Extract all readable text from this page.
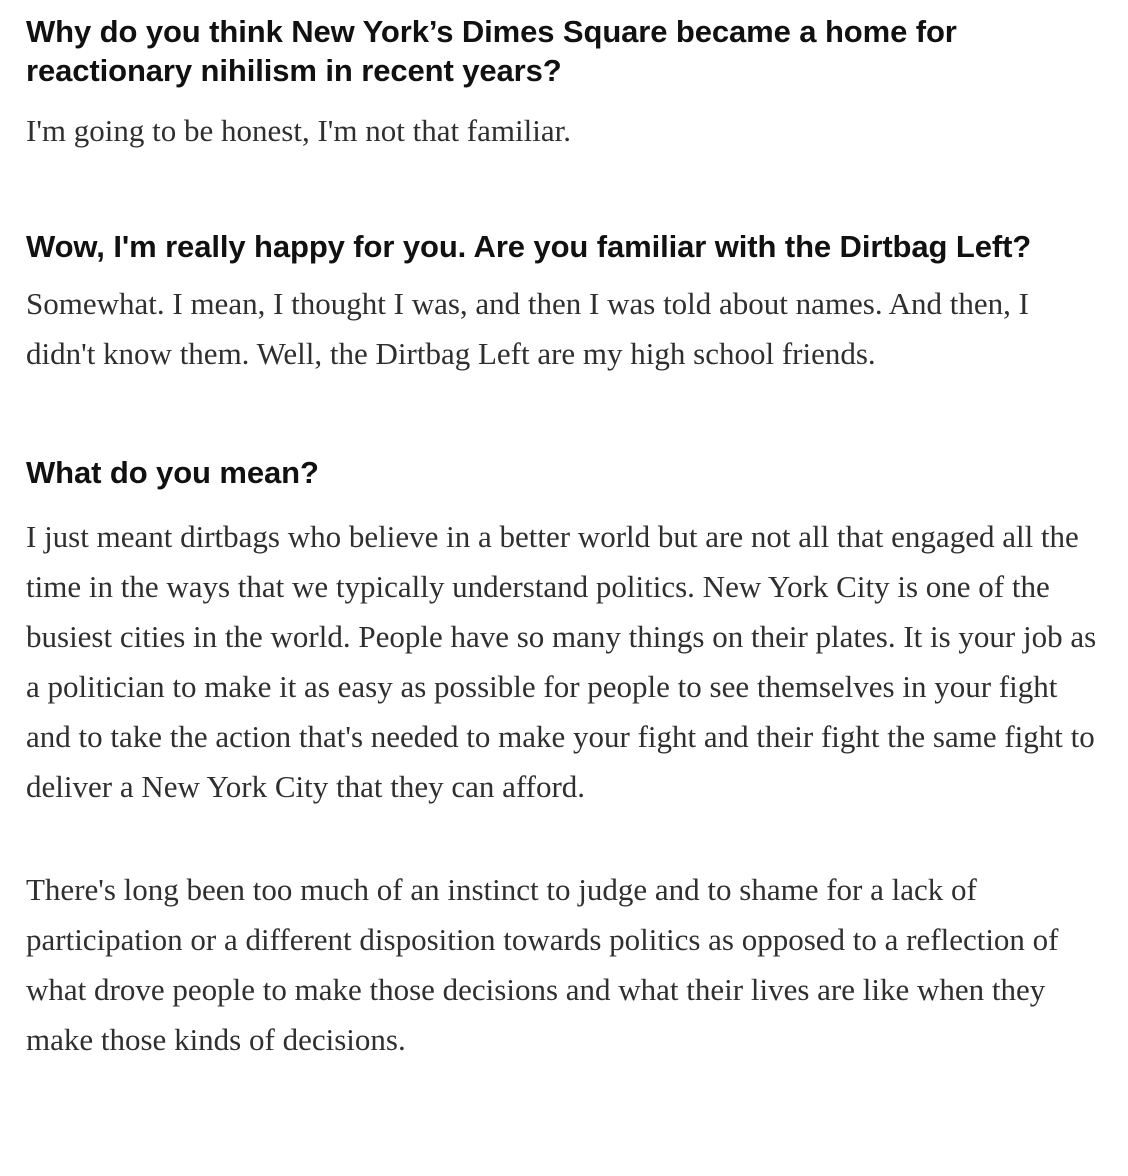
Why do you think New York’s Dimes Square became a home for reactionary nihilism in recent years?

I'm going to be honest, I'm not that familiar.

Wow, I'm really happy for you. Are you familiar with the Dirtbag Left?

Somewhat. I mean, I thought I was, and then I was told about names. And then, I didn't know them. Well, the Dirtbag Left are my high school friends.

What do you mean?

I just meant dirtbags who believe in a better world but are not all that engaged all the time in the ways that we typically understand politics. New York City is one of the busiest cities in the world. People have so many things on their plates. It is your job as a politician to make it as easy as possible for people to see themselves in your fight and to take the action that's needed to make your fight and their fight the same fight to deliver a New York City that they can afford.

There's long been too much of an instinct to judge and to shame for a lack of participation or a different disposition towards politics as opposed to a reflection of what drove people to make those decisions and what their lives are like when they make those kinds of decisions.
